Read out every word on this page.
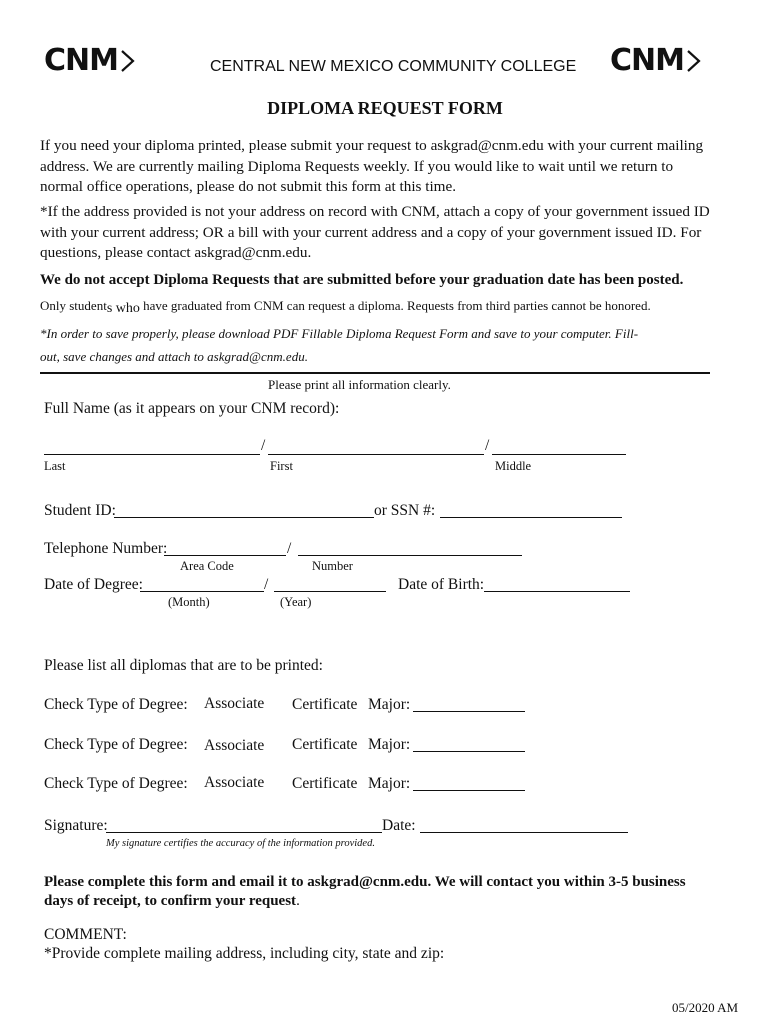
CNM	CNM
CENTRAL NEW MEXICO COMMUNITY COLLEGE
DIPLOMA REQUEST FORM
If you need your diploma printed, please submit your request to askgrad@cnm.edu with your current mailing address. We are currently mailing Diploma Requests weekly. If you would like to wait until we return to normal office operations, please do not submit this form at this time.
*If the address provided is not your address on record with CNM, attach a copy of your government issued ID with your current address; OR a bill with your current address and a copy of your government issued ID. For questions, please contact askgrad@cnm.edu.
We do not accept Diploma Requests that are submitted before your graduation date has been posted.
Only students who have graduated from CNM can request a diploma. Requests from third parties cannot be honored.
*In order to save properly, please download PDF Fillable Diploma Request Form and save to your computer. Fill-
out, save changes and attach to askgrad@cnm.edu.
Please print all information clearly.
Full Name (as it appears on your CNM record):
/	/
Last	First	Middle
Student ID:	or SSN #:
Telephone Number:	/
Area Code	Number
Date of Degree:	/	Date of Birth:
(Month)	(Year)
Please list all diplomas that are to be printed:
Check Type of Degree: Associate Certificate Major:
Check Type of Degree: Associate Certificate Major:
Check Type of Degree: Associate Certificate Major:
Signature:	Date:
My signature certifies the accuracy of the information provided.
Please complete this form and email it to askgrad@cnm.edu. We will contact you within 3-5 business
days of receipt, to confirm your request.
COMMENT:
*Provide complete mailing address, including city, state and zip:
05/2020 AM
